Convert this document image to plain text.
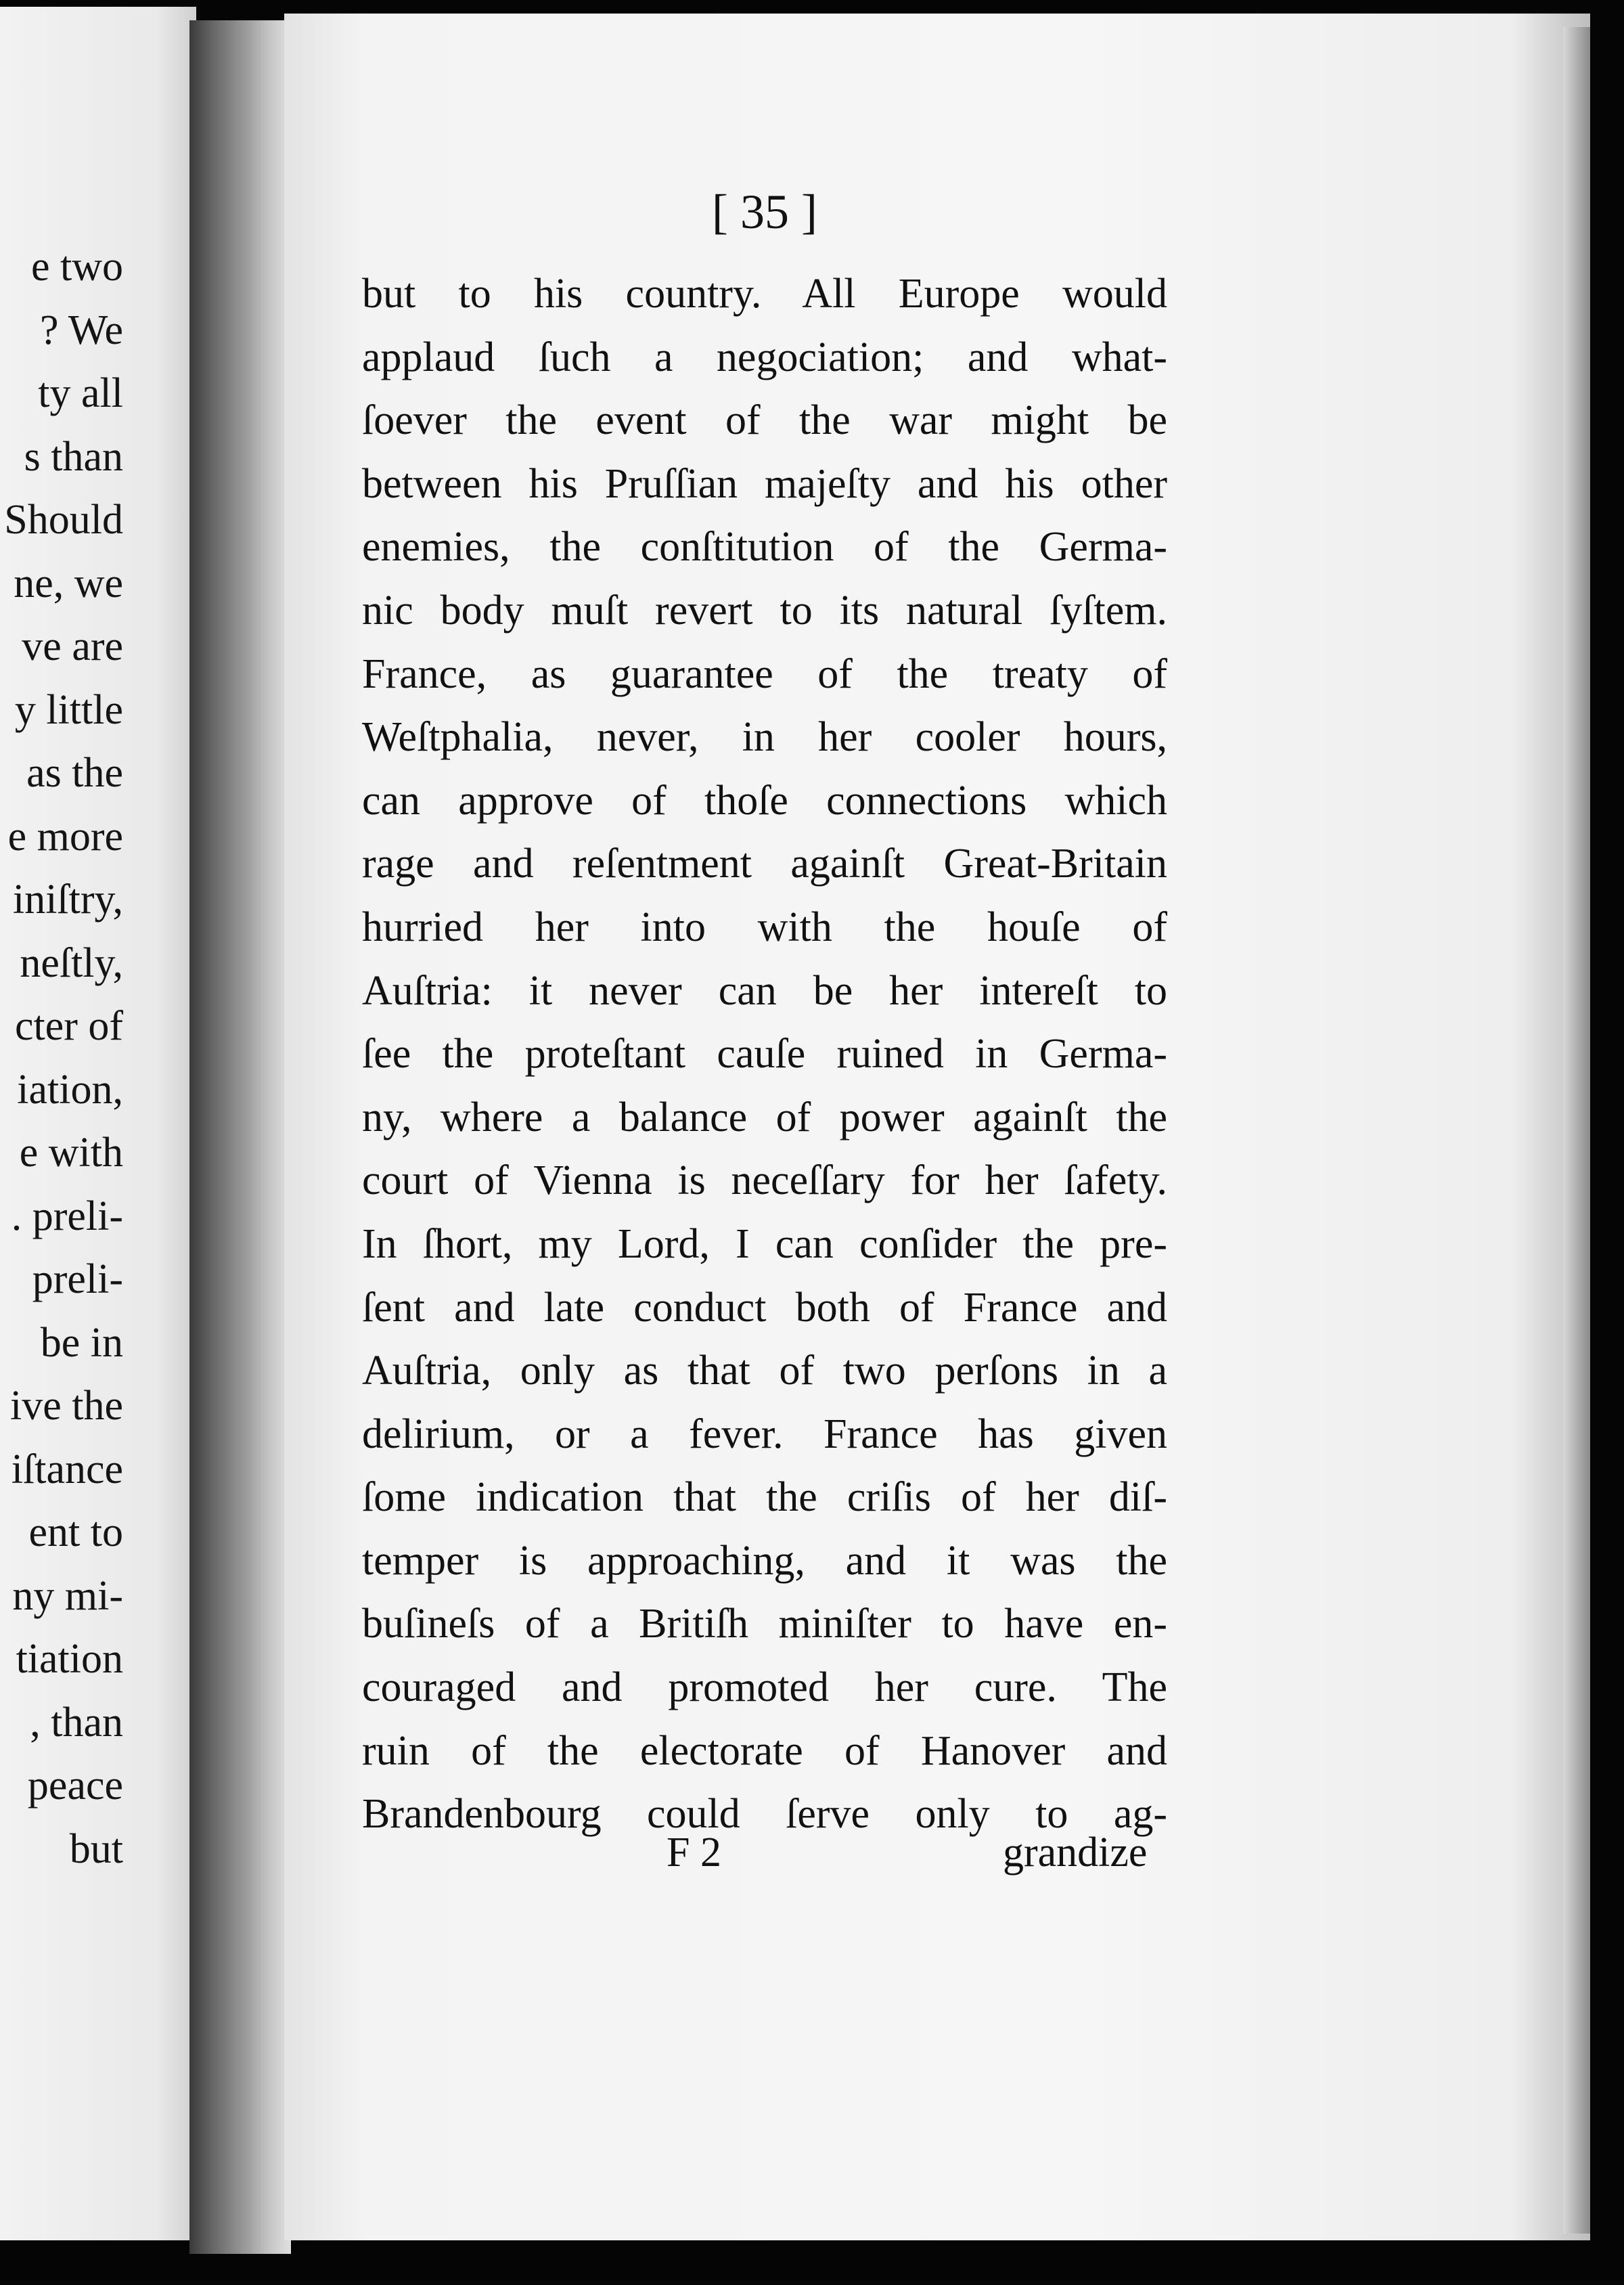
e two
? We
ty all
s than
Should
ne, we
ve are
y little
as the
e more
iniſtry,
neſtly,
cter of
iation,
e with
. preli-
preli-
be in
ive the
iſtance
ent to
ny mi-
tiation
, than
peace
but
[ 35 ]
but to his country. All Europe would
applaud ſuch a negociation; and what-
ſoever the event of the war might be
between his Pruſſian majeſty and his other
enemies, the conſtitution of the Germa-
nic body muſt revert to its natural ſyſtem.
France, as guarantee of the treaty of
Weſtphalia, never, in her cooler hours,
can approve of thoſe connections which
rage and reſentment againſt Great-Britain
hurried her into with the houſe of
Auſtria: it never can be her intereſt to
ſee the proteſtant cauſe ruined in Germa-
ny, where a balance of power againſt the
court of Vienna is neceſſary for her ſafety.
In ſhort, my Lord, I can conſider the pre-
ſent and late conduct both of France and
Auſtria, only as that of two perſons in a
delirium, or a fever. France has given
ſome indication that the criſis of her diſ-
temper is approaching, and it was the
buſineſs of a Britiſh miniſter to have en-
couraged and promoted her cure. The
ruin of the electorate of Hanover and
Brandenbourg could ſerve only to ag-
F 2	grandize
